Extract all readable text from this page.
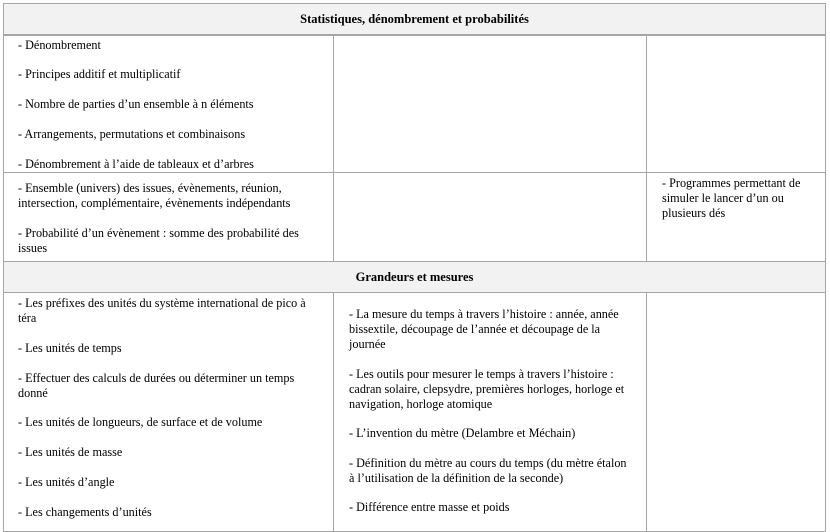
Statistiques, dénombrement et probabilités
- Dénombrement
- Principes additif et multiplicatif
- Nombre de parties d’un ensemble à n éléments
- Arrangements, permutations et combinaisons
- Dénombrement à l’aide de tableaux et d’arbres
- Ensemble (univers) des issues, évènements, réunion,
intersection, complémentaire, évènements indépendants
- Probabilité d’un évènement : somme des probabilité des
issues
- Programmes permettant de
simuler le lancer d’un ou
plusieurs dés
Grandeurs et mesures
- Les préfixes des unités du système international de pico à
téra
- Les unités de temps
- Effectuer des calculs de durées ou déterminer un temps
donné
- Les unités de longueurs, de surface et de volume
- Les unités de masse
- Les unités d’angle
- Les changements d’unités
- La mesure du temps à travers l’histoire : année, année
bissextile, découpage de l’année et découpage de la
journée
- Les outils pour mesurer le temps à travers l’histoire :
cadran solaire, clepsydre, premières horloges, horloge et
navigation, horloge atomique
- L’invention du mètre (Delambre et Méchain)
- Définition du mètre au cours du temps (du mètre étalon
à l’utilisation de la définition de la seconde)
- Différence entre masse et poids
